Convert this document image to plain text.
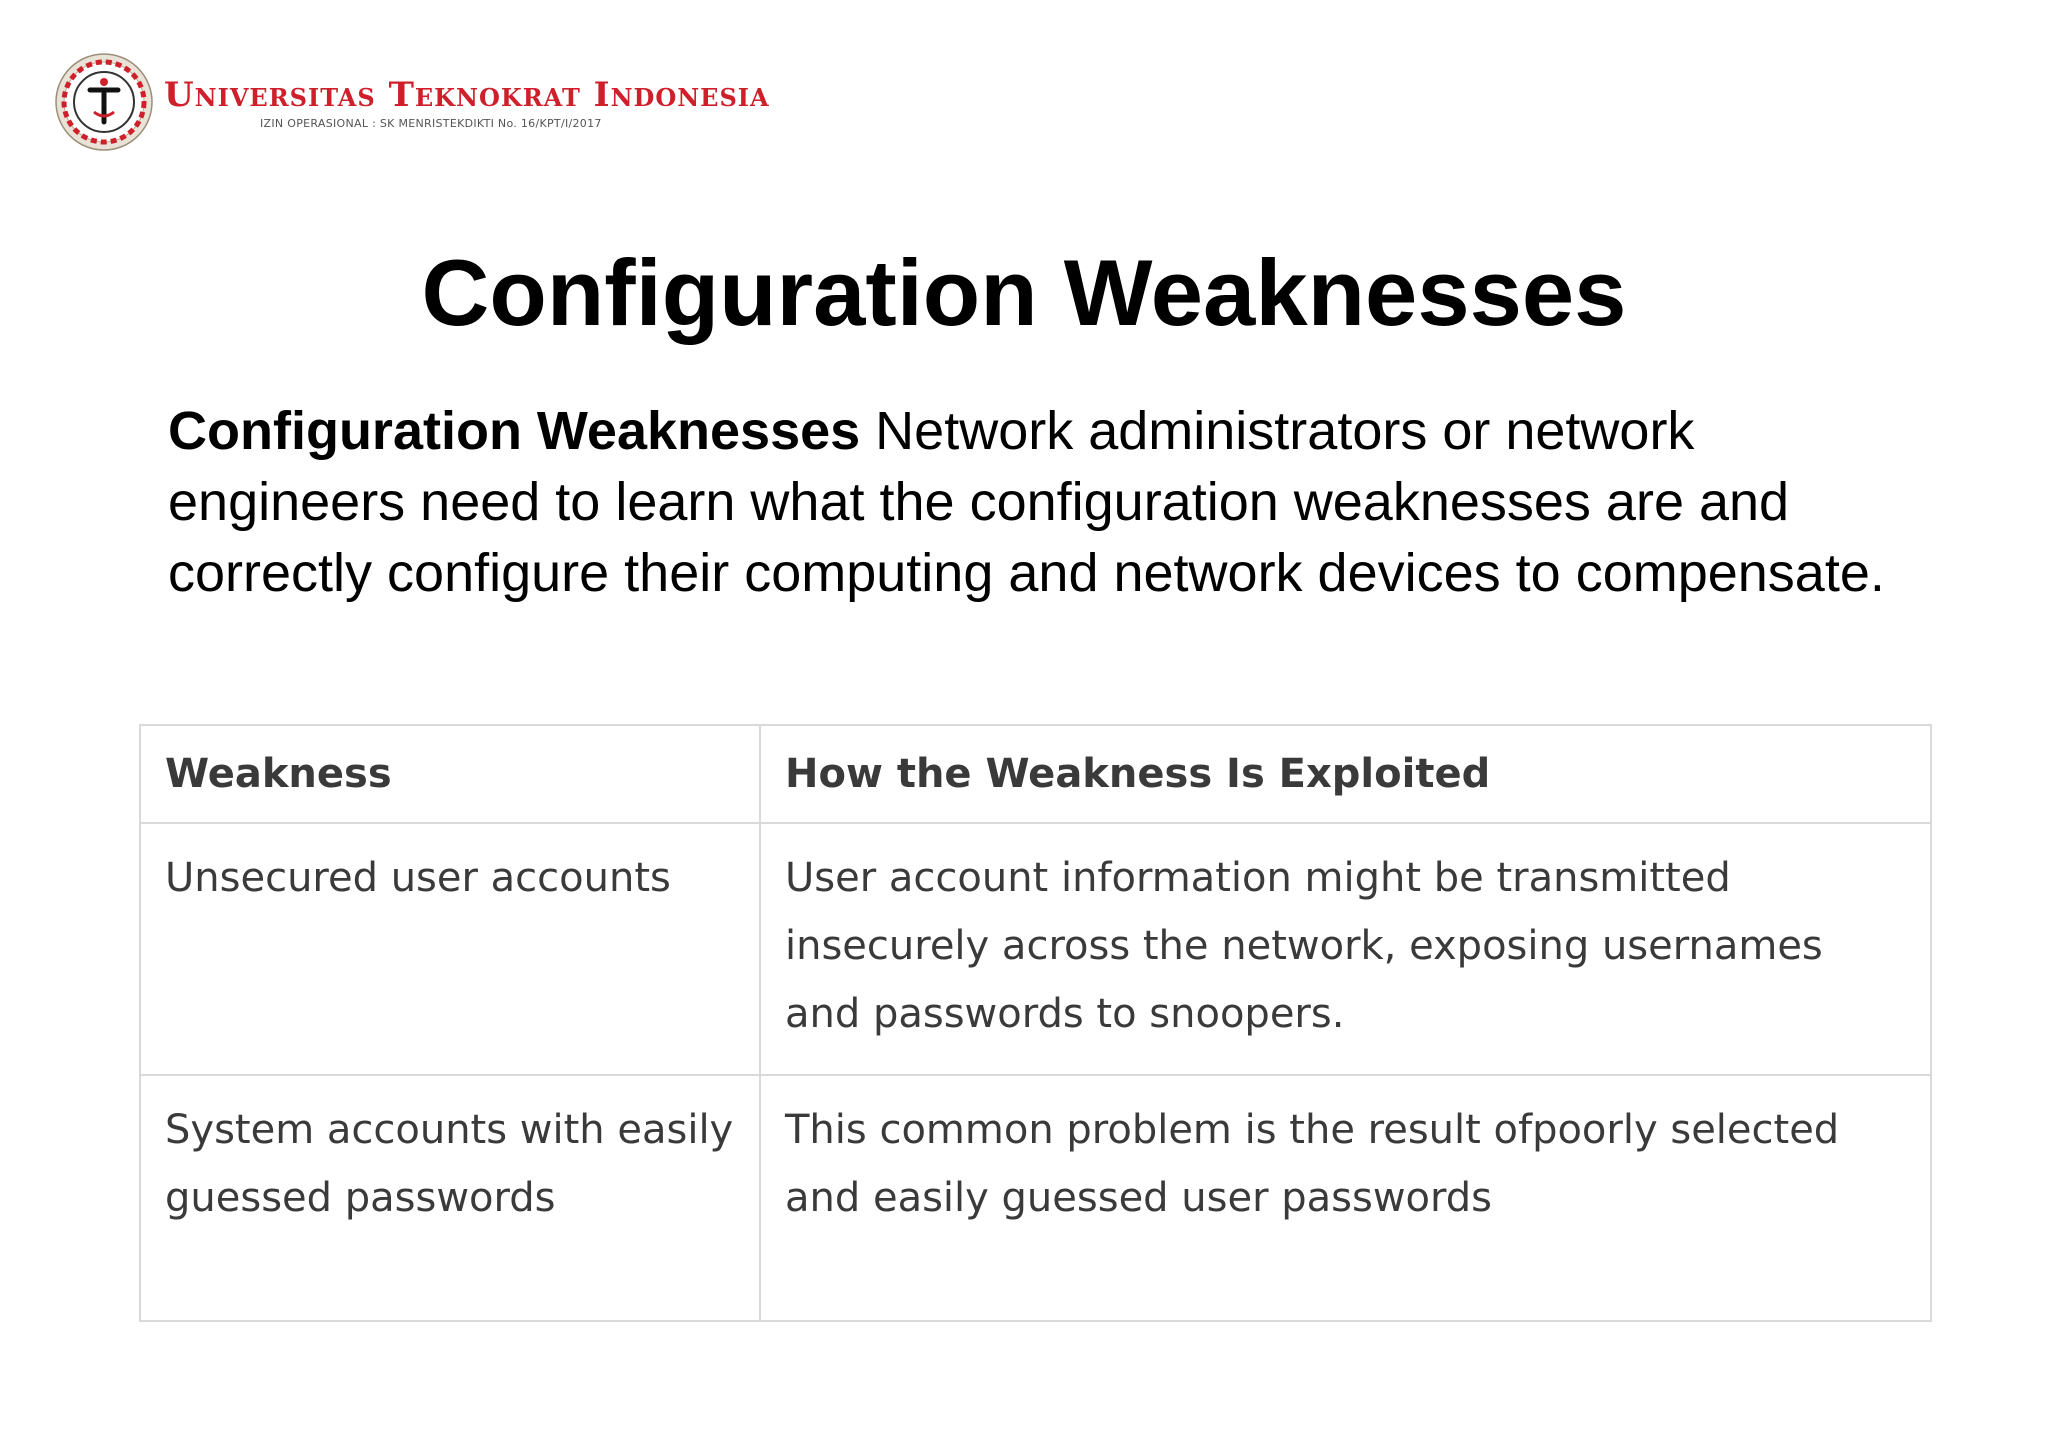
Universitas Teknokrat Indonesia
IZIN OPERASIONAL : SK MENRISTEKDIKTI No. 16/KPT/I/2017
Configuration Weaknesses

Configuration Weaknesses Network administrators or network engineers need to learn what the configuration weaknesses are and correctly configure their computing and network devices to compensate.

Weakness	How the Weakness Is Exploited
Unsecured user accounts	User account information might be transmitted insecurely across the network, exposing usernames and passwords to snoopers.
System accounts with easily guessed passwords	This common problem is the result ofpoorly selected and easily guessed user passwords
